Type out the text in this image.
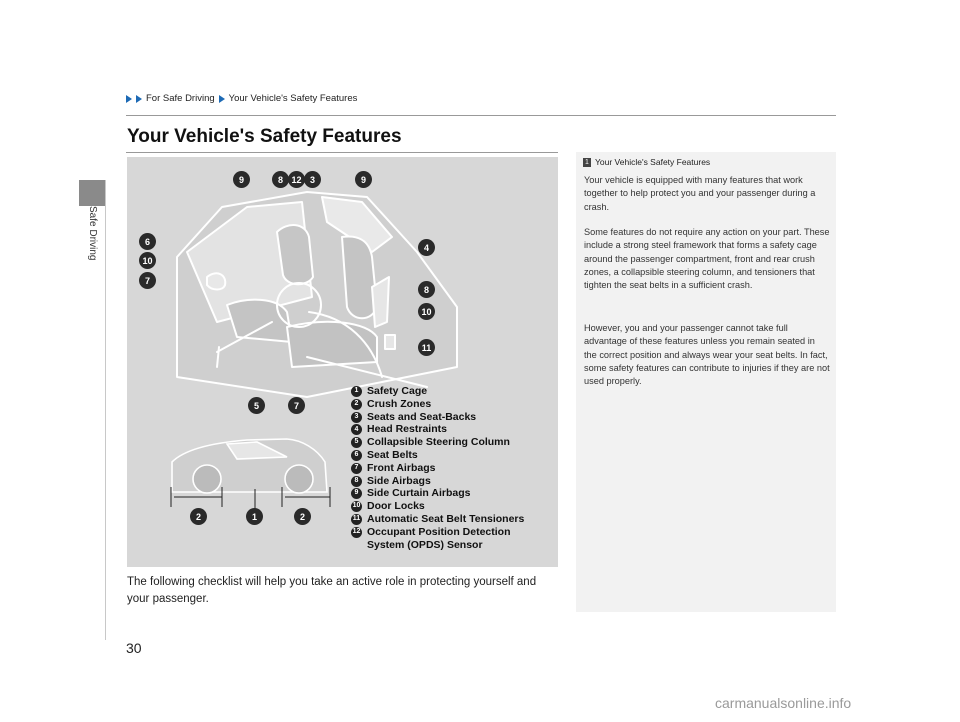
Safe Driving
For Safe Driving Your Vehicle's Safety Features
Your Vehicle's Safety Features
9	8 12 3	9
6
10
7
4
8
10
11
5	7
2	1	2
1 Safety Cage
2 Crush Zones
3 Seats and Seat-Backs
4 Head Restraints
5 Collapsible Steering Column
6 Seat Belts
7 Front Airbags
8 Side Airbags
9 Side Curtain Airbags
10 Door Locks
11 Automatic Seat Belt Tensioners
12 Occupant Position Detection
System (OPDS) Sensor
The following checklist will help you take an active role in protecting yourself and your passenger.
1 Your Vehicle's Safety Features
Your vehicle is equipped with many features that work together to help protect you and your passenger during a crash.
Some features do not require any action on your part. These include a strong steel framework that forms a safety cage around the passenger compartment, front and rear crush zones, a collapsible steering column, and tensioners that tighten the seat belts in a sufficient crash.
However, you and your passenger cannot take full advantage of these features unless you remain seated in the correct position and always wear your seat belts. In fact, some safety features can contribute to injuries if they are not used properly.
30
carmanualsonline.info
